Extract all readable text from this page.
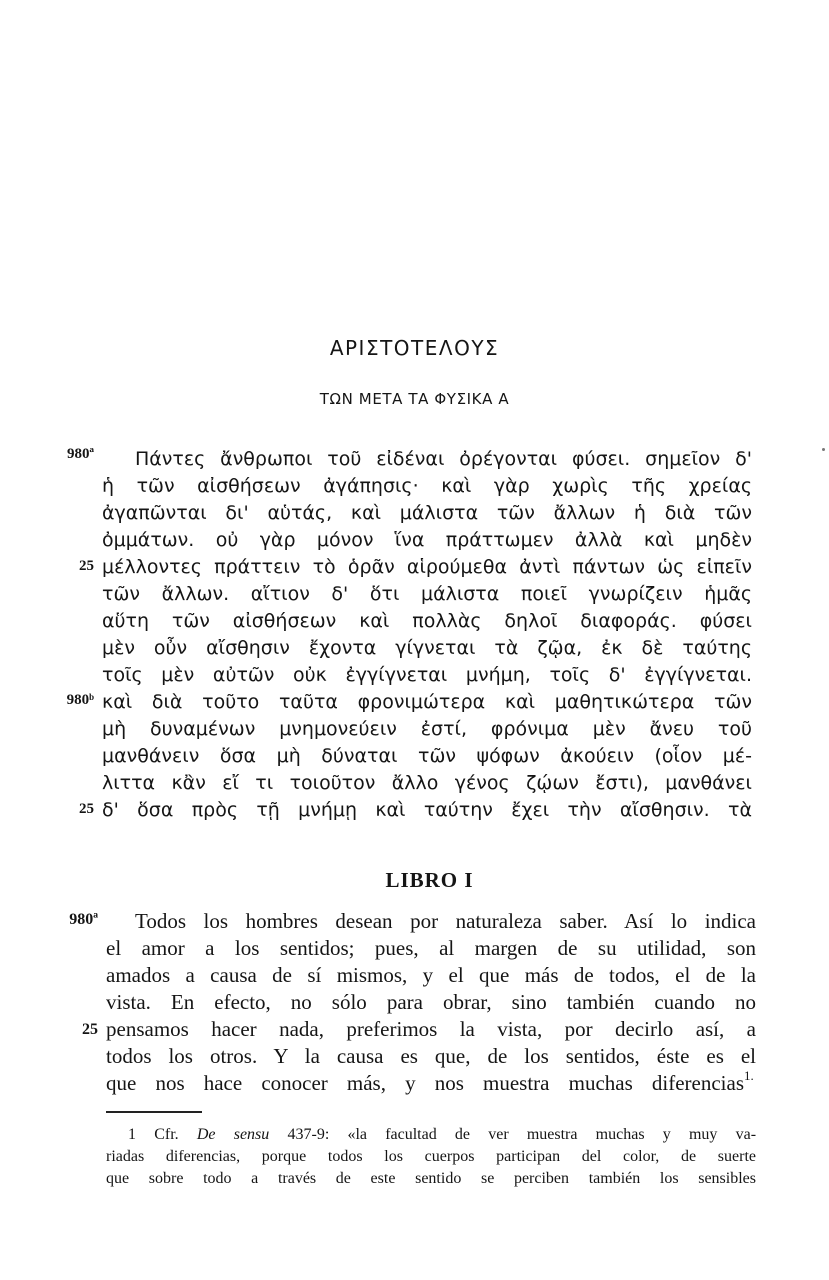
ΑΡΙΣΤΟΤΕΛΟΥΣ
ΤΩΝ ΜΕΤΑ ΤΑ ΦΥΣΙΚΑ Α
980ª
25
980ᵇ
25
Πάντες ἄνθρωποι τοῦ εἰδέναι ὀρέγονται φύσει. σημεῖον δ'
ἡ τῶν αἰσθήσεων ἀγάπησις· καὶ γὰρ χωρὶς τῆς χρείας
ἀγαπῶνται δι' αὑτάς, καὶ μάλιστα τῶν ἄλλων ἡ διὰ τῶν
ὀμμάτων. οὐ γὰρ μόνον ἵνα πράττωμεν ἀλλὰ καὶ μηδὲν
μέλλοντες πράττειν τὸ ὁρᾶν αἱρούμεθα ἀντὶ πάντων ὡς εἰπεῖν
τῶν ἄλλων. αἴτιον δ' ὅτι μάλιστα ποιεῖ γνωρίζειν ἡμᾶς
αὕτη τῶν αἰσθήσεων καὶ πολλὰς δηλοῖ διαφοράς. φύσει
μὲν οὖν αἴσθησιν ἔχοντα γίγνεται τὰ ζῷα, ἐκ δὲ ταύτης
τοῖς μὲν αὐτῶν οὐκ ἐγγίγνεται μνήμη, τοῖς δ' ἐγγίγνεται.
καὶ διὰ τοῦτο ταῦτα φρονιμώτερα καὶ μαθητικώτερα τῶν
μὴ δυναμένων μνημονεύειν ἐστί, φρόνιμα μὲν ἄνευ τοῦ
μανθάνειν ὅσα μὴ δύναται τῶν ψόφων ἀκούειν (οἷον μέ-
λιττα κἂν εἴ τι τοιοῦτον ἄλλο γένος ζῴων ἔστι), μανθάνει
δ' ὅσα πρὸς τῇ μνήμῃ καὶ ταύτην ἔχει τὴν αἴσθησιν. τὰ
LIBRO I
980ª
25
Todos los hombres desean por naturaleza saber. Así lo indica
el amor a los sentidos; pues, al margen de su utilidad, son
amados a causa de sí mismos, y el que más de todos, el de la
vista. En efecto, no sólo para obrar, sino también cuando no
pensamos hacer nada, preferimos la vista, por decirlo así, a
todos los otros. Y la causa es que, de los sentidos, éste es el
que nos hace conocer más, y nos muestra muchas diferencias 1.
1 Cfr. De sensu 437-9: «la facultad de ver muestra muchas y muy va-
riadas diferencias, porque todos los cuerpos participan del color, de suerte
que sobre todo a través de este sentido se perciben también los sensibles
